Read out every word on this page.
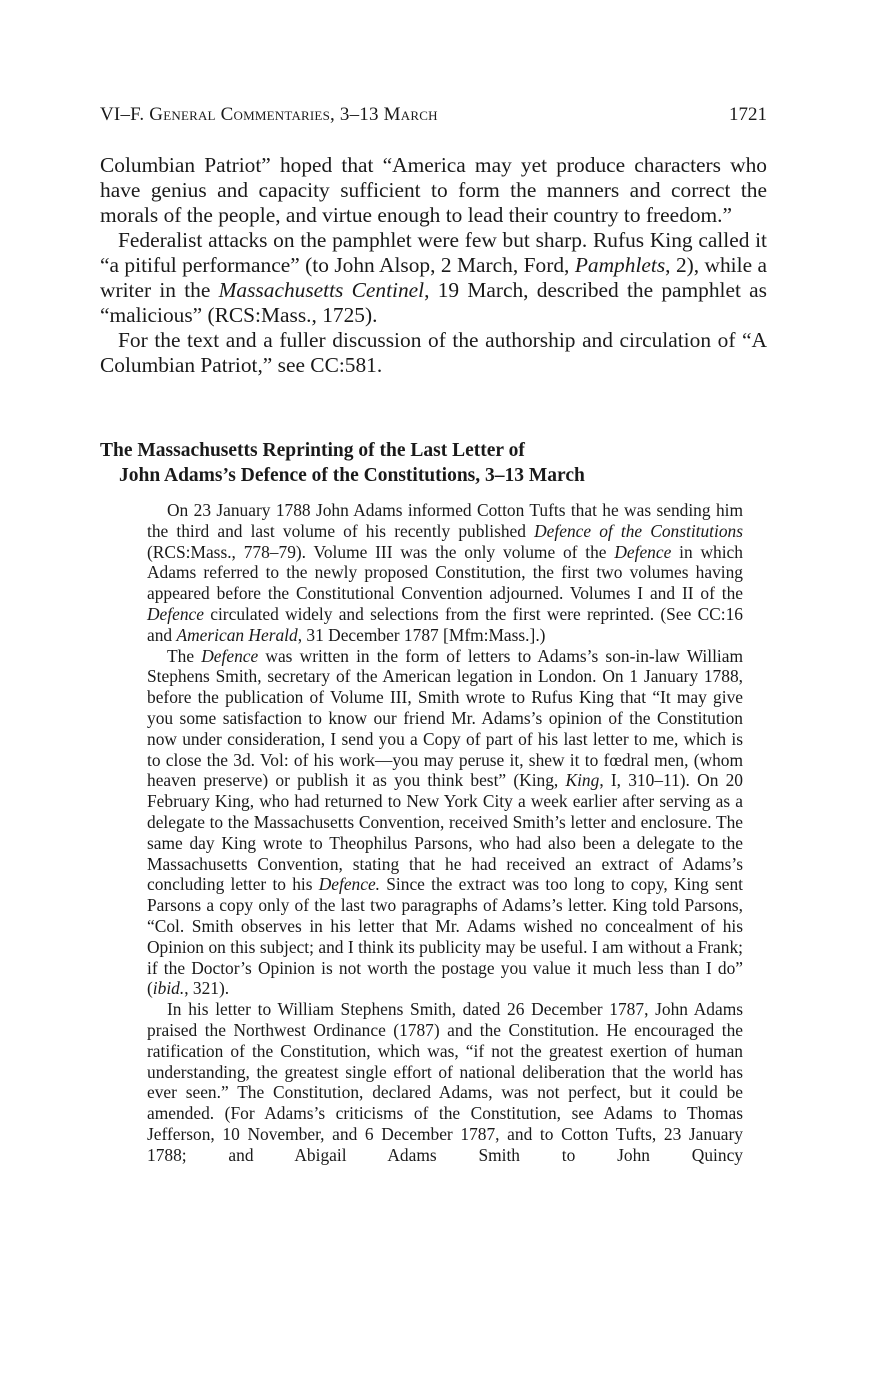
VI–F. General Commentaries, 3–13 March	1721

Columbian Patriot” hoped that “America may yet produce characters who have genius and capacity sufficient to form the manners and correct the morals of the people, and virtue enough to lead their country to freedom.”

Federalist attacks on the pamphlet were few but sharp. Rufus King called it “a pitiful performance” (to John Alsop, 2 March, Ford, Pamphlets, 2), while a writer in the Massachusetts Centinel, 19 March, described the pamphlet as “malicious” (RCS:Mass., 1725).

For the text and a fuller discussion of the authorship and circulation of “A Columbian Patriot,” see CC:581.

The Massachusetts Reprinting of the Last Letter of
John Adams’s Defence of the Constitutions, 3–13 March

On 23 January 1788 John Adams informed Cotton Tufts that he was sending him the third and last volume of his recently published Defence of the Constitutions (RCS:Mass., 778–79). Volume III was the only volume of the Defence in which Adams referred to the newly proposed Constitution, the first two volumes having appeared before the Constitutional Convention adjourned. Volumes I and II of the Defence circulated widely and selections from the first were reprinted. (See CC:16 and American Herald, 31 December 1787 [Mfm:Mass.].)

The Defence was written in the form of letters to Adams’s son-in-law William Stephens Smith, secretary of the American legation in London. On 1 January 1788, before the publication of Volume III, Smith wrote to Rufus King that “It may give you some satisfaction to know our friend Mr. Adams’s opinion of the Constitution now under consideration, I send you a Copy of part of his last letter to me, which is to close the 3d. Vol: of his work—you may peruse it, shew it to fœdral men, (whom heaven preserve) or publish it as you think best” (King, King, I, 310–11). On 20 February King, who had returned to New York City a week earlier after serving as a delegate to the Massachusetts Convention, received Smith’s letter and enclosure. The same day King wrote to Theophilus Parsons, who had also been a delegate to the Massachusetts Convention, stating that he had received an extract of Adams’s concluding letter to his Defence. Since the extract was too long to copy, King sent Parsons a copy only of the last two paragraphs of Adams’s letter. King told Parsons, “Col. Smith observes in his letter that Mr. Adams wished no concealment of his Opinion on this subject; and I think its publicity may be useful. I am without a Frank; if the Doctor’s Opinion is not worth the postage you value it much less than I do” (ibid., 321).

In his letter to William Stephens Smith, dated 26 December 1787, John Adams praised the Northwest Ordinance (1787) and the Constitution. He encouraged the ratification of the Constitution, which was, “if not the greatest exertion of human understanding, the greatest single effort of national deliberation that the world has ever seen.” The Constitution, declared Adams, was not perfect, but it could be amended. (For Adams’s criticisms of the Constitution, see Adams to Thomas Jefferson, 10 November, and 6 December 1787, and to Cotton Tufts, 23 January 1788; and Abigail Adams Smith to John Quincy
